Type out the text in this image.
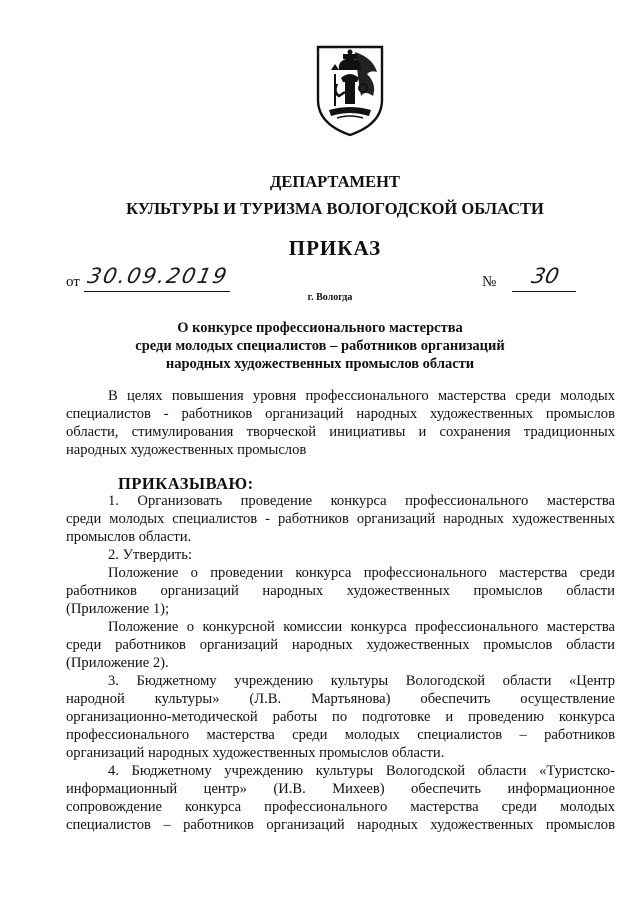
ДЕПАРТАМЕНТ
КУЛЬТУРЫ И ТУРИЗМА ВОЛОГОДСКОЙ ОБЛАСТИ
ПРИКАЗ
от 30.09.2019	№ 30
г. Вологда
О конкурсе профессионального мастерства
среди молодых специалистов – работников организаций
народных художественных промыслов области
В целях повышения уровня профессионального мастерства среди молодых
специалистов - работников организаций народных художественных промыслов
области, стимулирования творческой инициативы и сохранения традиционных
народных художественных промыслов
ПРИКАЗЫВАЮ:
1. Организовать проведение конкурса профессионального мастерства
среди молодых специалистов - работников организаций народных художественных
промыслов области.
2. Утвердить:
Положение о проведении конкурса профессионального мастерства среди
работников организаций народных художественных промыслов области
(Приложение 1);
Положение о конкурсной комиссии конкурса профессионального мастерства
среди работников организаций народных художественных промыслов области
(Приложение 2).
3. Бюджетному учреждению культуры Вологодской области «Центр
народной культуры» (Л.В. Мартьянова) обеспечить осуществление
организационно-методической работы по подготовке и проведению конкурса
профессионального мастерства среди молодых специалистов – работников
организаций народных художественных промыслов области.
4. Бюджетному учреждению культуры Вологодской области «Туристско-
информационный центр» (И.В. Михеев) обеспечить информационное
сопровождение конкурса профессионального мастерства среди молодых
специалистов – работников организаций народных художественных промыслов
